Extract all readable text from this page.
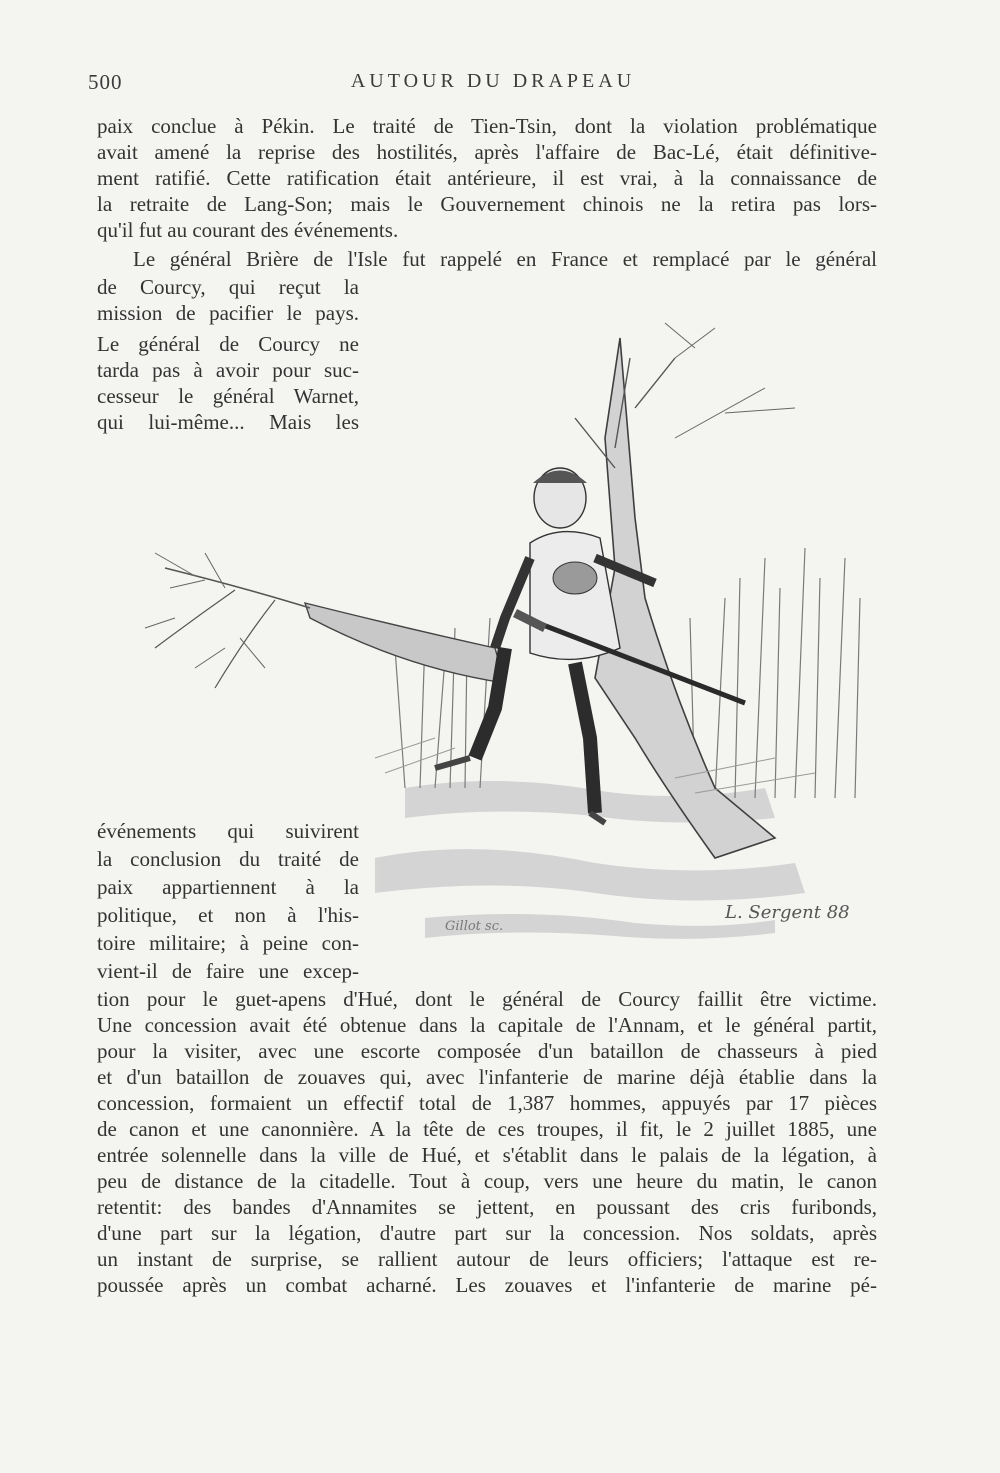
500	AUTOUR DU DRAPEAU
paix conclue à Pékin. Le traité de Tien-Tsin, dont la violation problématique
avait amené la reprise des hostilités, après l'affaire de Bac-Lé, était définitive-
ment ratifié. Cette ratification était antérieure, il est vrai, à la connaissance de
la retraite de Lang-Son; mais le Gouvernement chinois ne la retira pas lors-
qu'il fut au courant des événements.
Le général Brière de l'Isle fut rappelé en France et remplacé par le général
de Courcy, qui reçut la
mission de pacifier le pays.
Le général de Courcy ne
tarda pas à avoir pour suc-
cesseur le général Warnet,
qui lui-même... Mais les
Gillot sc.
L. Sergent 88
événements qui suivirent
la conclusion du traité de
paix appartiennent à la
politique, et non à l'his-
toire militaire; à peine con-
vient-il de faire une excep-
tion pour le guet-apens d'Hué, dont le général de Courcy faillit être victime.
Une concession avait été obtenue dans la capitale de l'Annam, et le général partit,
pour la visiter, avec une escorte composée d'un bataillon de chasseurs à pied
et d'un bataillon de zouaves qui, avec l'infanterie de marine déjà établie dans la
concession, formaient un effectif total de 1,387 hommes, appuyés par 17 pièces
de canon et une canonnière. A la tête de ces troupes, il fit, le 2 juillet 1885, une
entrée solennelle dans la ville de Hué, et s'établit dans le palais de la légation, à
peu de distance de la citadelle. Tout à coup, vers une heure du matin, le canon
retentit: des bandes d'Annamites se jettent, en poussant des cris furibonds,
d'une part sur la légation, d'autre part sur la concession. Nos soldats, après
un instant de surprise, se rallient autour de leurs officiers; l'attaque est re-
poussée après un combat acharné. Les zouaves et l'infanterie de marine pé-
